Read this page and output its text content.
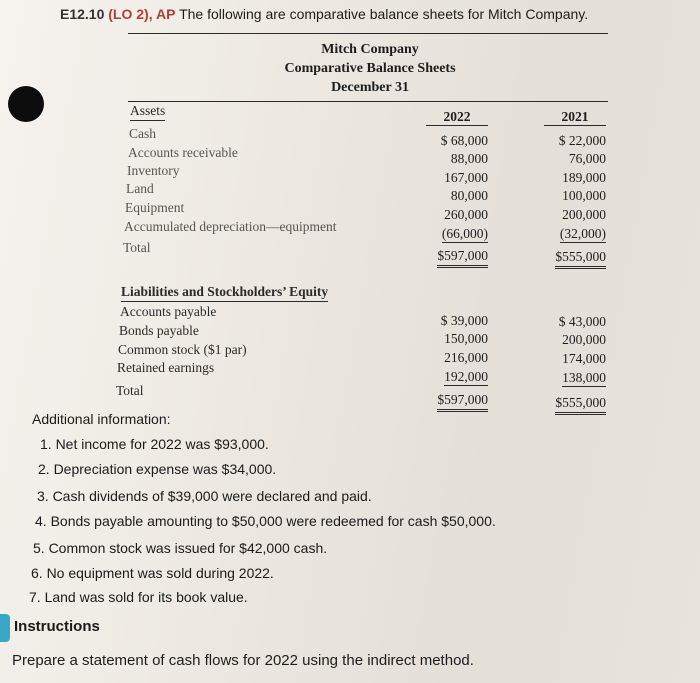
E12.10 (LO 2), AP The following are comparative balance sheets for Mitch Company.
Mitch Company
Comparative Balance Sheets
December 31
2022	2021
Assets
Cash
Accounts receivable
Inventory
Land
Equipment
Accumulated depreciation—equipment
Total
$ 68,000
88,000
167,000
80,000
260,000
(66,000)
$597,000
$ 22,000
76,000
189,000
100,000
200,000
(32,000)
$555,000
Liabilities and Stockholders’ Equity
Accounts payable
Bonds payable
Common stock ($1 par)
Retained earnings
Total
$ 39,000
150,000
216,000
192,000
$597,000
$ 43,000
200,000
174,000
138,000
$555,000
Additional information:
1. Net income for 2022 was $93,000.
2. Depreciation expense was $34,000.
3. Cash dividends of $39,000 were declared and paid.
4. Bonds payable amounting to $50,000 were redeemed for cash $50,000.
5. Common stock was issued for $42,000 cash.
6. No equipment was sold during 2022.
7. Land was sold for its book value.
Instructions
Prepare a statement of cash flows for 2022 using the indirect method.
